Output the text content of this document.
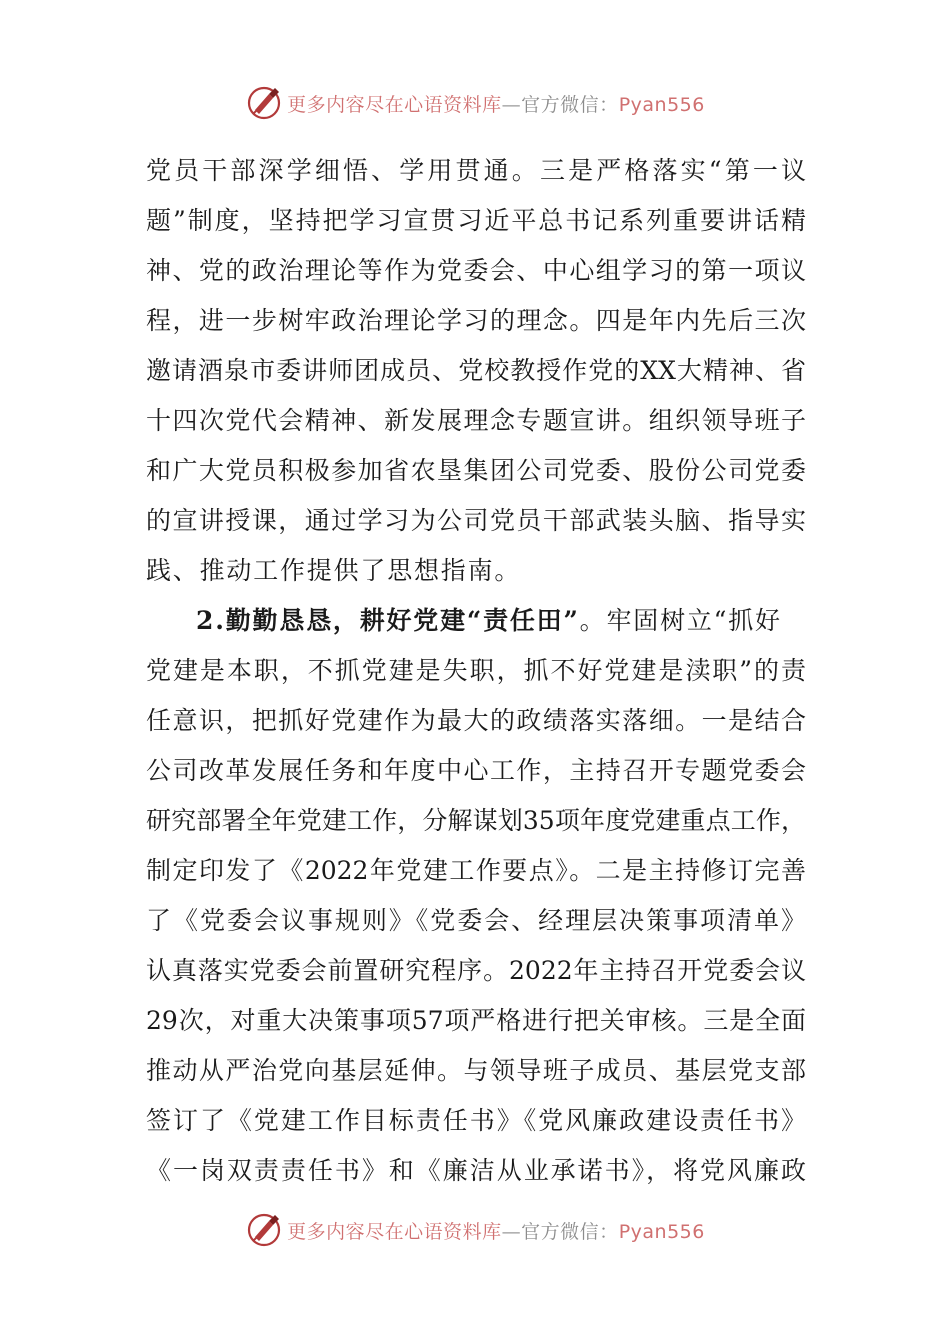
更多内容尽在心语资料库—官方微信：Pyan556
党员干部深学细悟、学用贯通。三是严格落实“第一议
题”制度，坚持把学习宣贯习近平总书记系列重要讲话精
神、党的政治理论等作为党委会、中心组学习的第一项议
程，进一步树牢政治理论学习的理念。四是年内先后三次
邀请酒泉市委讲师团成员、党校教授作党的XX大精神、省
十四次党代会精神、新发展理念专题宣讲。组织领导班子
和广大党员积极参加省农垦集团公司党委、股份公司党委
的宣讲授课，通过学习为公司党员干部武装头脑、指导实
践、推动工作提供了思想指南。
2.勤勤恳恳，耕好党建“责任田”。牢固树立“抓好
党建是本职，不抓党建是失职，抓不好党建是渎职”的责
任意识，把抓好党建作为最大的政绩落实落细。一是结合
公司改革发展任务和年度中心工作，主持召开专题党委会
研究部署全年党建工作，分解谋划35项年度党建重点工作，
制定印发了《2022年党建工作要点》。二是主持修订完善
了《党委会议事规则》《党委会、经理层决策事项清单》
认真落实党委会前置研究程序。2022年主持召开党委会议
29次，对重大决策事项57项严格进行把关审核。三是全面
推动从严治党向基层延伸。与领导班子成员、基层党支部
签订了《党建工作目标责任书》《党风廉政建设责任书》
《一岗双责责任书》和《廉洁从业承诺书》，将党风廉政
更多内容尽在心语资料库—官方微信：Pyan556
